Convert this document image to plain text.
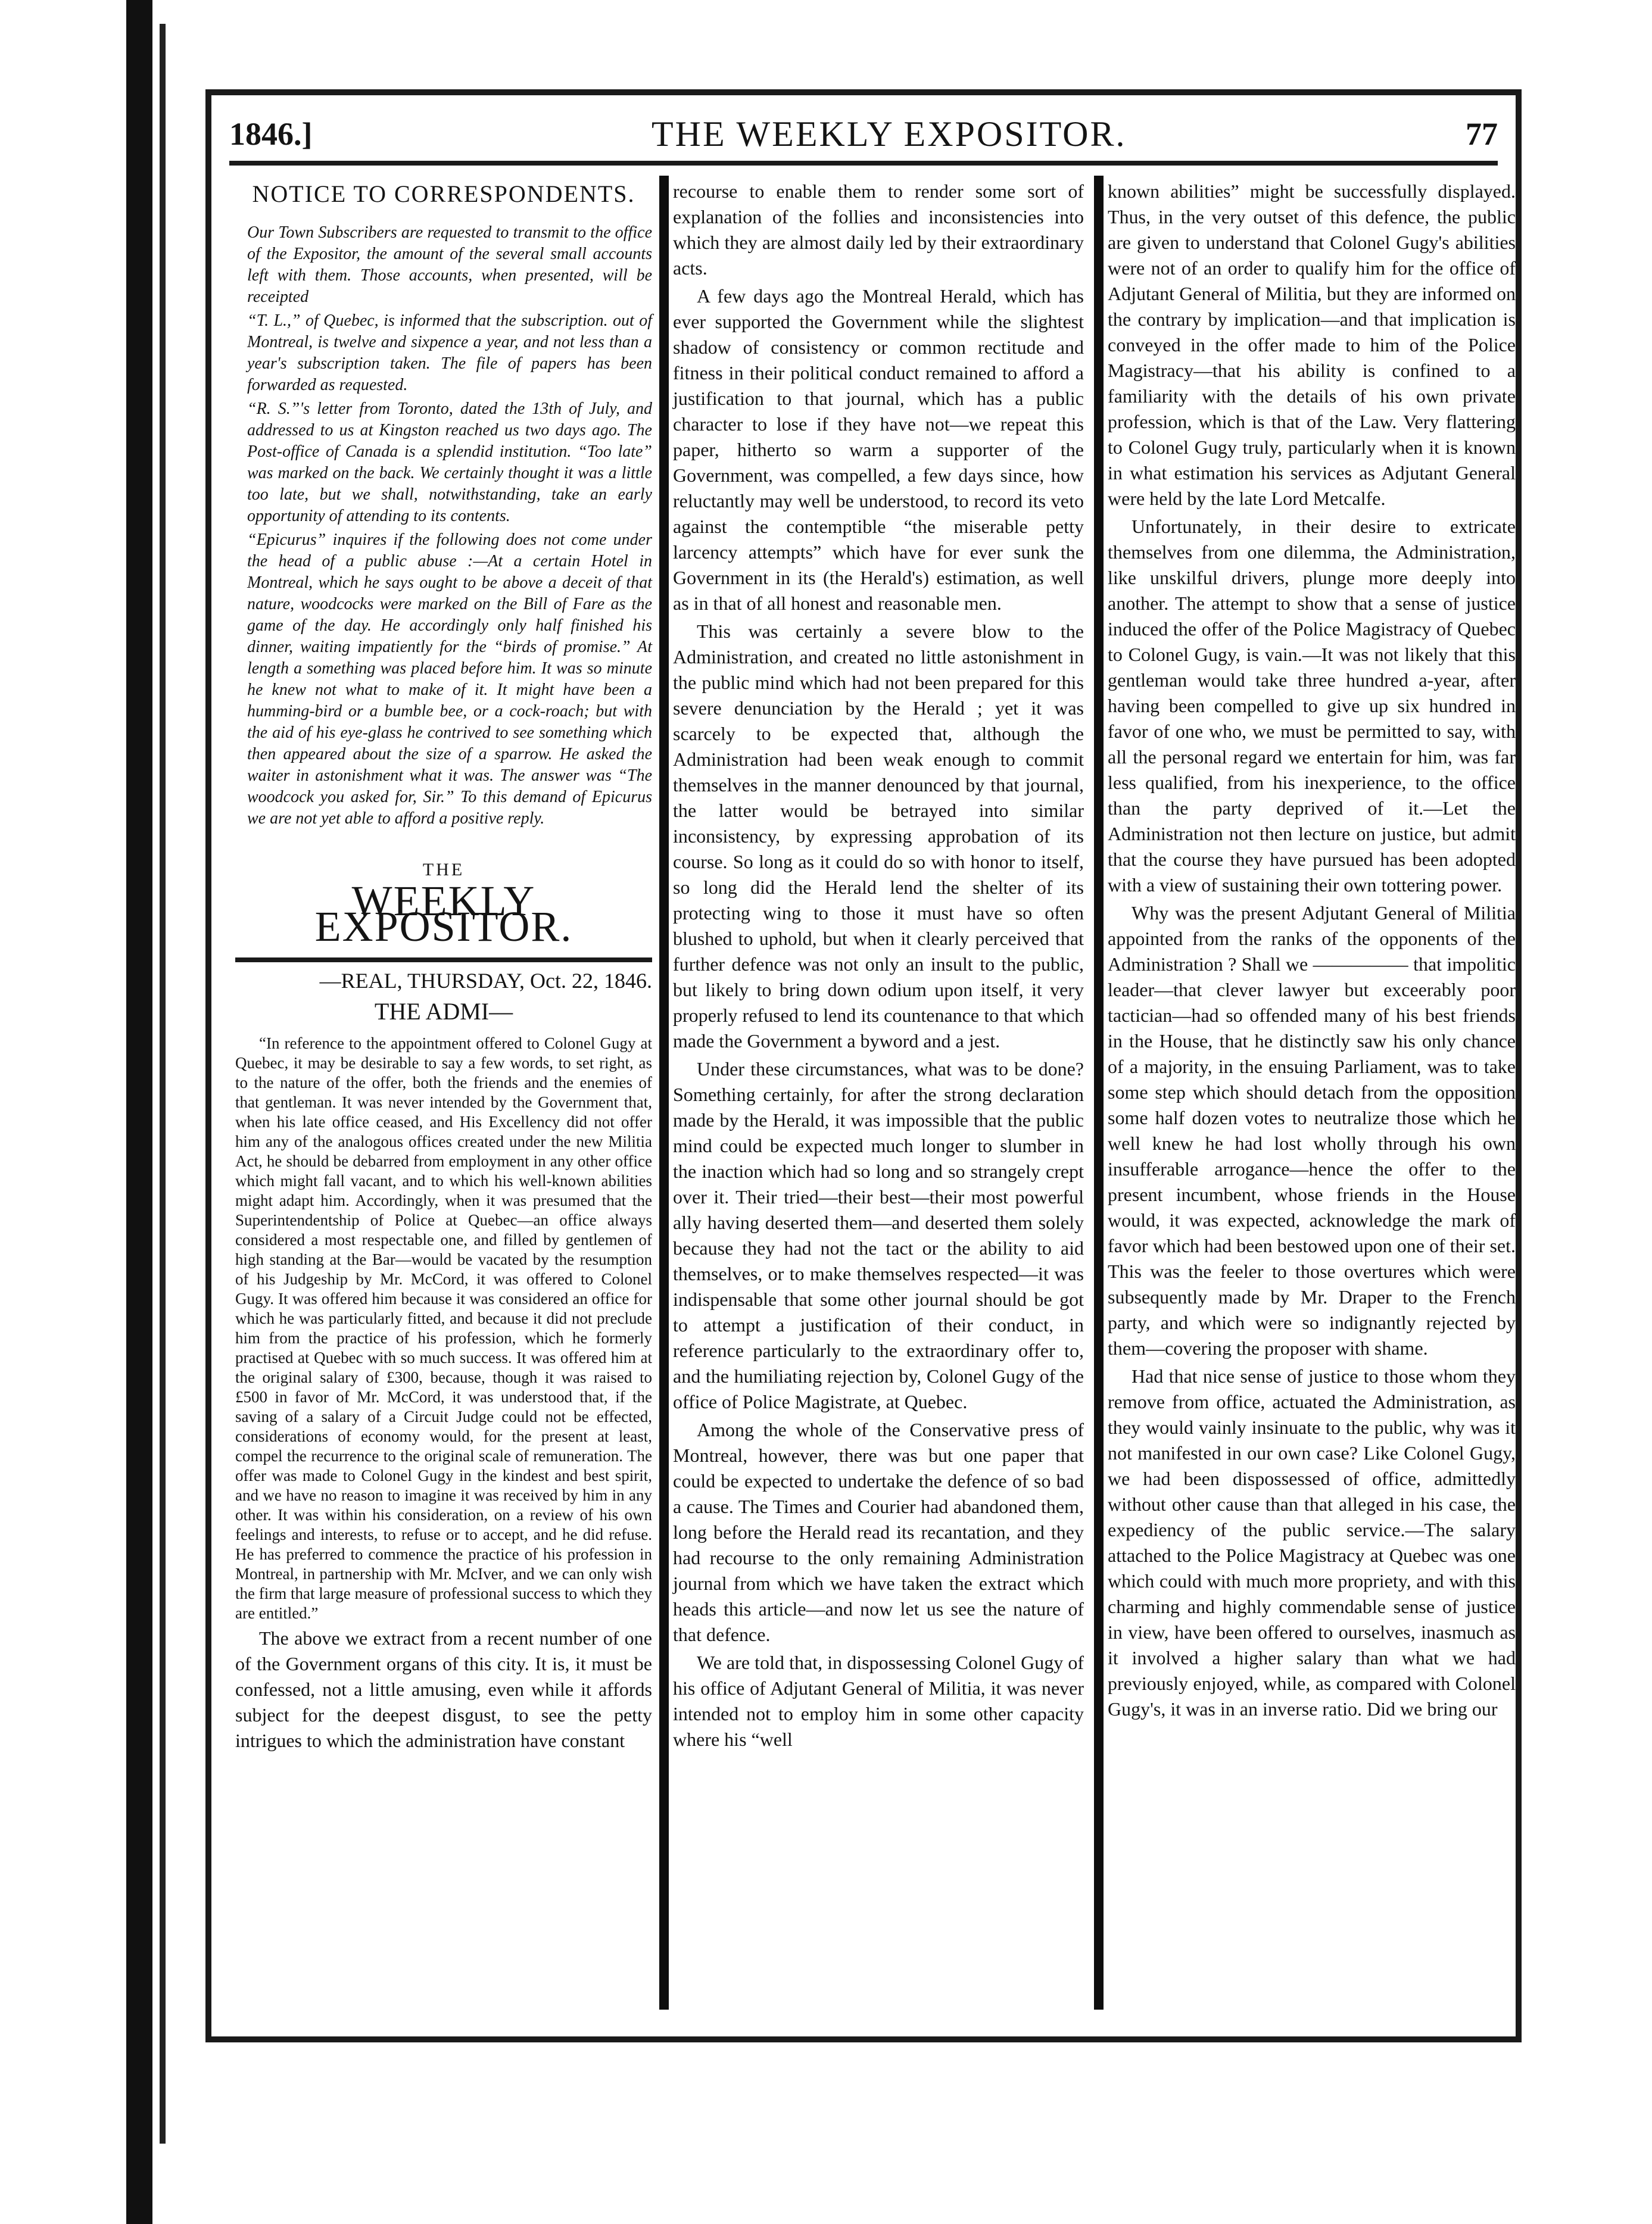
1846.]	THE WEEKLY EXPOSITOR.	77
NOTICE TO CORRESPONDENTS.

Our Town Subscribers are requested to transmit to the office of the Expositor, the amount of the several small accounts left with them. Those accounts, when presented, will be receipted

“T. L.,” of Quebec, is informed that the subscription. out of Montreal, is twelve and sixpence a year, and not less than a year's subscription taken. The file of papers has been forwarded as requested.

“R. S.”'s letter from Toronto, dated the 13th of July, and addressed to us at Kingston reached us two days ago. The Post-office of Canada is a splendid institution. “Too late” was marked on the back. We certainly thought it was a little too late, but we shall, notwithstanding, take an early opportunity of attending to its contents.

“Epicurus” inquires if the following does not come under the head of a public abuse :—At a certain Hotel in Montreal, which he says ought to be above a deceit of that nature, woodcocks were marked on the Bill of Fare as the game of the day. He accordingly only half finished his dinner, waiting impatiently for the “birds of promise.” At length a something was placed before him. It was so minute he knew not what to make of it. It might have been a humming-bird or a bumble bee, or a cock-roach; but with the aid of his eye-glass he contrived to see something which then appeared about the size of a sparrow. He asked the waiter in astonishment what it was. The answer was “The woodcock you asked for, Sir.” To this demand of Epicurus we are not yet able to afford a positive reply.

THE
WEEKLY EXPOSITOR.
—REAL, THURSDAY, Oct. 22, 1846.
THE ADMI—

“In reference to the appointment offered to Colonel Gugy at Quebec, it may be desirable to say a few words, to set right, as to the nature of the offer, both the friends and the enemies of that gentleman. It was never intended by the Government that, when his late office ceased, and His Excellency did not offer him any of the analogous offices created under the new Militia Act, he should be debarred from employment in any other office which might fall vacant, and to which his well-known abilities might adapt him. Accordingly, when it was presumed that the Superintendentship of Police at Quebec—an office always considered a most respectable one, and filled by gentlemen of high standing at the Bar—would be vacated by the resumption of his Judgeship by Mr. McCord, it was offered to Colonel Gugy. It was offered him because it was considered an office for which he was particularly fitted, and because it did not preclude him from the practice of his profession, which he formerly practised at Quebec with so much success. It was offered him at the original salary of £300, because, though it was raised to £500 in favor of Mr. McCord, it was understood that, if the saving of a salary of a Circuit Judge could not be effected, considerations of economy would, for the present at least, compel the recurrence to the original scale of remuneration. The offer was made to Colonel Gugy in the kindest and best spirit, and we have no reason to imagine it was received by him in any other. It was within his consideration, on a review of his own feelings and interests, to refuse or to accept, and he did refuse. He has preferred to commence the practice of his profession in Montreal, in partnership with Mr. McIver, and we can only wish the firm that large measure of professional success to which they are entitled.”

The above we extract from a recent number of one of the Government organs of this city. It is, it must be confessed, not a little amusing, even while it affords subject for the deepest disgust, to see the petty intrigues to which the administration have constant

recourse to enable them to render some sort of explanation of the follies and inconsistencies into which they are almost daily led by their extraordinary acts.

A few days ago the Montreal Herald, which has ever supported the Government while the slightest shadow of consistency or common rectitude and fitness in their political conduct remained to afford a justification to that journal, which has a public character to lose if they have not—we repeat this paper, hitherto so warm a supporter of the Government, was compelled, a few days since, how reluctantly may well be understood, to record its veto against the contemptible “the miserable petty larcency attempts” which have for ever sunk the Government in its (the Herald's) estimation, as well as in that of all honest and reasonable men.

This was certainly a severe blow to the Administration, and created no little astonishment in the public mind which had not been prepared for this severe denunciation by the Herald ; yet it was scarcely to be expected that, although the Administration had been weak enough to commit themselves in the manner denounced by that journal, the latter would be betrayed into similar inconsistency, by expressing approbation of its course. So long as it could do so with honor to itself, so long did the Herald lend the shelter of its protecting wing to those it must have so often blushed to uphold, but when it clearly perceived that further defence was not only an insult to the public, but likely to bring down odium upon itself, it very properly refused to lend its countenance to that which made the Government a byword and a jest.

Under these circumstances, what was to be done? Something certainly, for after the strong declaration made by the Herald, it was impossible that the public mind could be expected much longer to slumber in the inaction which had so long and so strangely crept over it. Their tried—their best—their most powerful ally having deserted them—and deserted them solely because they had not the tact or the ability to aid themselves, or to make themselves respected—it was indispensable that some other journal should be got to attempt a justification of their conduct, in reference particularly to the extraordinary offer to, and the humiliating rejection by, Colonel Gugy of the office of Police Magistrate, at Quebec.

Among the whole of the Conservative press of Montreal, however, there was but one paper that could be expected to undertake the defence of so bad a cause. The Times and Courier had abandoned them, long before the Herald read its recantation, and they had recourse to the only remaining Administration journal from which we have taken the extract which heads this article—and now let us see the nature of that defence.

We are told that, in dispossessing Colonel Gugy of his office of Adjutant General of Militia, it was never intended not to employ him in some other capacity where his “well

known abilities” might be successfully displayed. Thus, in the very outset of this defence, the public are given to understand that Colonel Gugy's abilities were not of an order to qualify him for the office of Adjutant General of Militia, but they are informed on the contrary by implication—and that implication is conveyed in the offer made to him of the Police Magistracy—that his ability is confined to a familiarity with the details of his own private profession, which is that of the Law. Very flattering to Colonel Gugy truly, particularly when it is known in what estimation his services as Adjutant General were held by the late Lord Metcalfe.

Unfortunately, in their desire to extricate themselves from one dilemma, the Administration, like unskilful drivers, plunge more deeply into another. The attempt to show that a sense of justice induced the offer of the Police Magistracy of Quebec to Colonel Gugy, is vain.—It was not likely that this gentleman would take three hundred a-year, after having been compelled to give up six hundred in favor of one who, we must be permitted to say, with all the personal regard we entertain for him, was far less qualified, from his inexperience, to the office than the party deprived of it.—Let the Administration not then lecture on justice, but admit that the course they have pursued has been adopted with a view of sustaining their own tottering power.

Why was the present Adjutant General of Militia appointed from the ranks of the opponents of the Administration ? Shall we ————— that impolitic leader—that clever lawyer but exceerably poor tactician—had so offended many of his best friends in the House, that he distinctly saw his only chance of a majority, in the ensuing Parliament, was to take some step which should detach from the opposition some half dozen votes to neutralize those which he well knew he had lost wholly through his own insufferable arrogance—hence the offer to the present incumbent, whose friends in the House would, it was expected, acknowledge the mark of favor which had been bestowed upon one of their set. This was the feeler to those overtures which were subsequently made by Mr. Draper to the French party, and which were so indignantly rejected by them—covering the proposer with shame.

Had that nice sense of justice to those whom they remove from office, actuated the Administration, as they would vainly insinuate to the public, why was it not manifested in our own case? Like Colonel Gugy, we had been dispossessed of office, admittedly without other cause than that alleged in his case, the expediency of the public service.—The salary attached to the Police Magistracy at Quebec was one which could with much more propriety, and with this charming and highly commendable sense of justice in view, have been offered to ourselves, inasmuch as it involved a higher salary than what we had previously enjoyed, while, as compared with Colonel Gugy's, it was in an inverse ratio. Did we bring our
